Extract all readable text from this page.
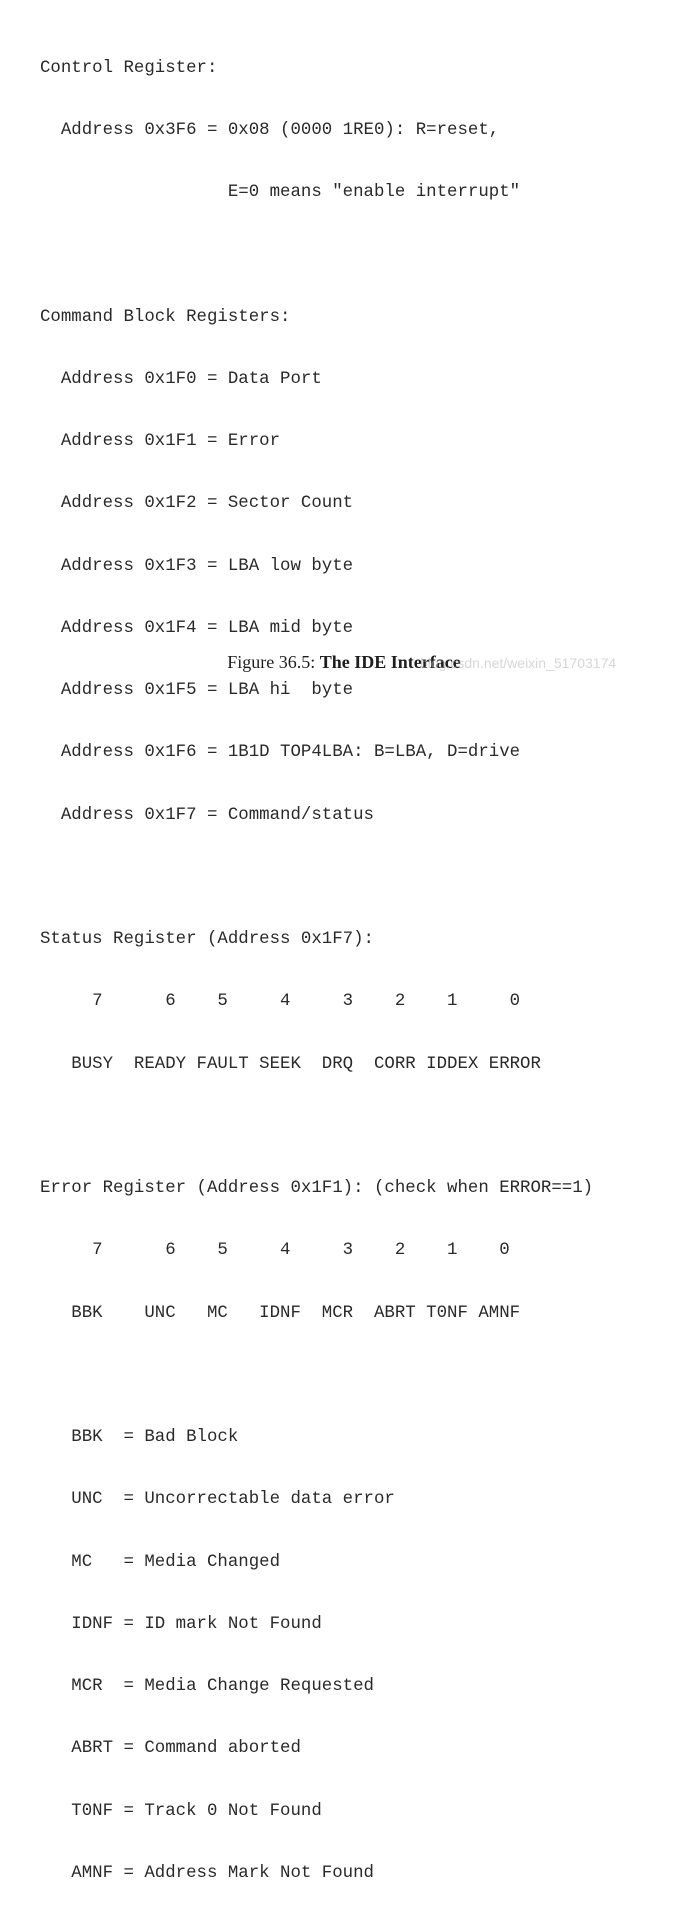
Control Register:

Address 0x3F6 = 0x08 (0000 1RE0): R=reset,

E=0 means "enable interrupt"

Command Block Registers:

Address 0x1F0 = Data Port

Address 0x1F1 = Error

Address 0x1F2 = Sector Count

Address 0x1F3 = LBA low byte

Address 0x1F4 = LBA mid byte

Address 0x1F5 = LBA hi  byte

Address 0x1F6 = 1B1D TOP4LBA: B=LBA, D=drive

Address 0x1F7 = Command/status

Status Register (Address 0x1F7):

7      6    5     4     3    2    1     0

BUSY  READY FAULT SEEK  DRQ  CORR IDDEX ERROR

Error Register (Address 0x1F1): (check when ERROR==1)

7      6    5     4     3    2    1    0

BBK    UNC   MC   IDNF  MCR  ABRT T0NF AMNF

BBK  = Bad Block

UNC  = Uncorrectable data error

MC   = Media Changed

IDNF = ID mark Not Found

MCR  = Media Change Requested

ABRT = Command aborted

T0NF = Track 0 Not Found

AMNF = Address Mark Not Found

Figure 36.5: The IDE Interface
blog.csdn.net/weixin_51703174
